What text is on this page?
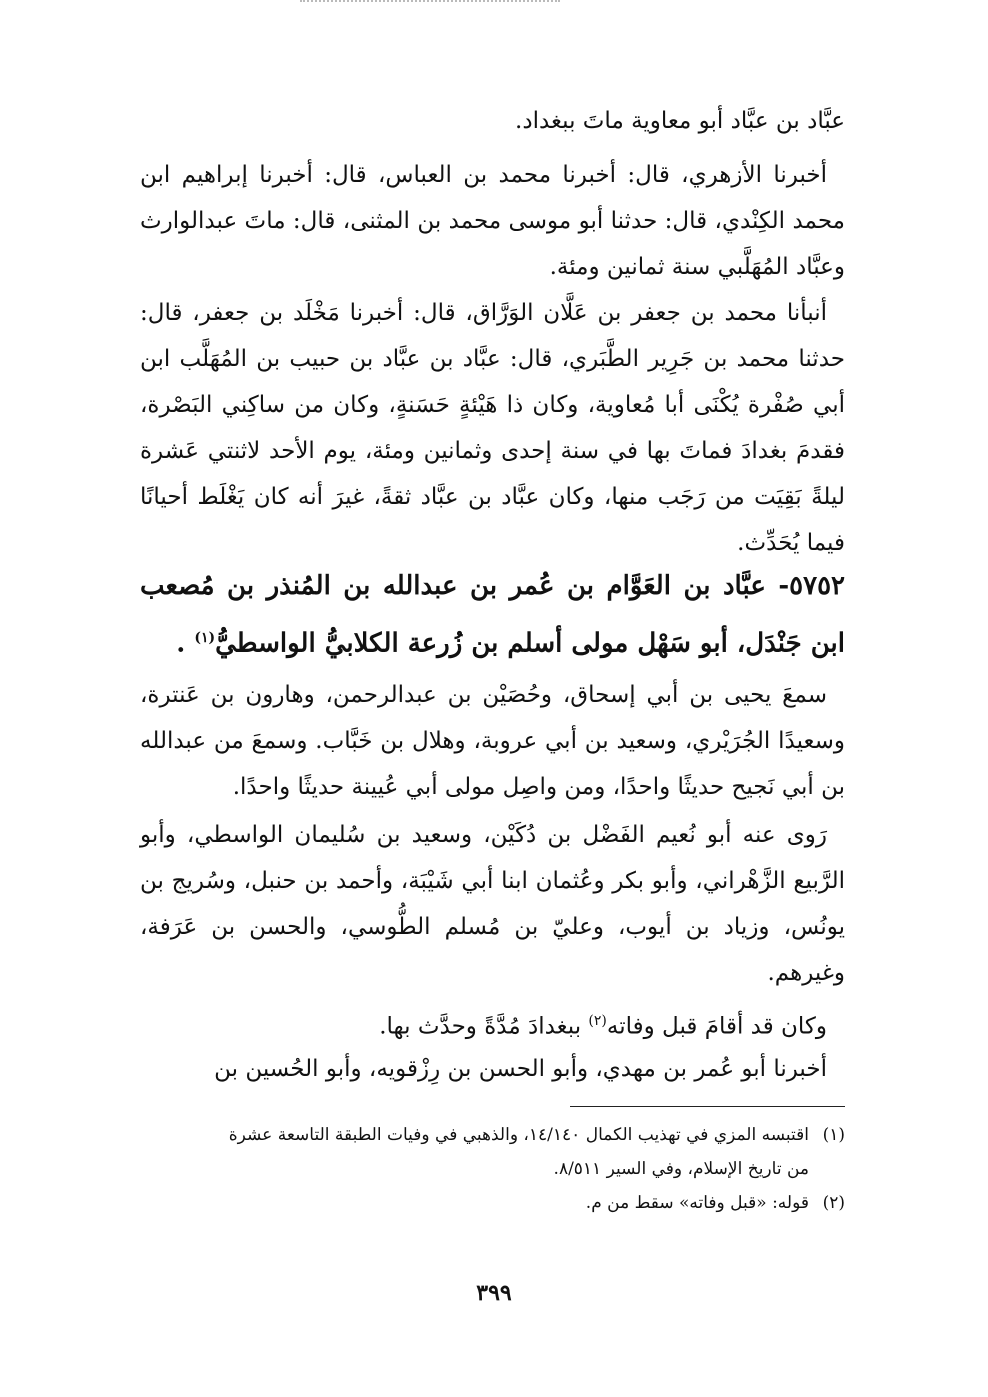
عبَّاد بن عبَّاد أبو معاوية ماتَ ببغداد.

أخبرنا الأزهري، قال: أخبرنا محمد بن العباس، قال: أخبرنا إبراهيم ابن محمد الكِنْدي، قال: حدثنا أبو موسى محمد بن المثنى، قال: ماتَ عبدالوارث وعبَّاد المُهَلَّبي سنة ثمانين ومئة.

أنبأنا محمد بن جعفر بن عَلَّان الوَرَّاق، قال: أخبرنا مَخْلَد بن جعفر، قال: حدثنا محمد بن جَرِير الطَّبَري، قال: عبَّاد بن عبَّاد بن حبيب بن المُهَلَّب ابن أبي صُفْرة يُكْنَى أبا مُعاوية، وكان ذا هَيْئةٍ حَسَنةٍ، وكان من ساكِني البَصْرة، فقدمَ بغدادَ فماتَ بها في سنة إحدى وثمانين ومئة، يوم الأحد لاثنتي عَشرة ليلةً بَقِيَت من رَجَب منها، وكان عبَّاد بن عبَّاد ثقةً، غيرَ أنه كان يَغْلَط أحيانًا فيما يُحَدِّث.

٥٧٥٢- عبَّاد بن العَوَّام بن عُمر بن عبدالله بن المُنذر بن مُصعب ابن جَنْدَل، أبو سَهْل مولى أسلم بن زُرعة الكلابيُّ الواسطيُّ$^{(١)}$ .

سمعَ يحيى بن أبي إسحاق، وحُصَيْن بن عبدالرحمن، وهارون بن عَنترة، وسعيدًا الجُرَيْري، وسعيد بن أبي عروبة، وهلال بن خَبَّاب. وسمعَ من عبدالله بن أبي نَجيح حديثًا واحدًا، ومن واصِل مولى أبي عُيينة حديثًا واحدًا.

رَوى عنه أبو نُعيم الفَضْل بن دُكَيْن، وسعيد بن سُليمان الواسطي، وأبو الرَّبيع الزَّهْراني، وأبو بكر وعُثمان ابنا أبي شَيْبَة، وأحمد بن حنبل، وسُريج بن يونُس، وزياد بن أيوب، وعليّ بن مُسلم الطُّوسي، والحسن بن عَرَفة، وغيرهم.

وكان قد أقامَ قبل وفاته$^{(٢)}$ ببغدادَ مُدَّةً وحدَّث بها.

أخبرنا أبو عُمر بن مهدي، وأبو الحسن بن رِزْقويه، وأبو الحُسين بن

(١)اقتبسه المزي في تهذيب الكمال ١٤/١٤٠، والذهبي في وفيات الطبقة التاسعة عشرة
من تاريخ الإسلام، وفي السير ٨/٥١١.
(٢)قوله: «قبل وفاته» سقط من م.
٣٩٩
